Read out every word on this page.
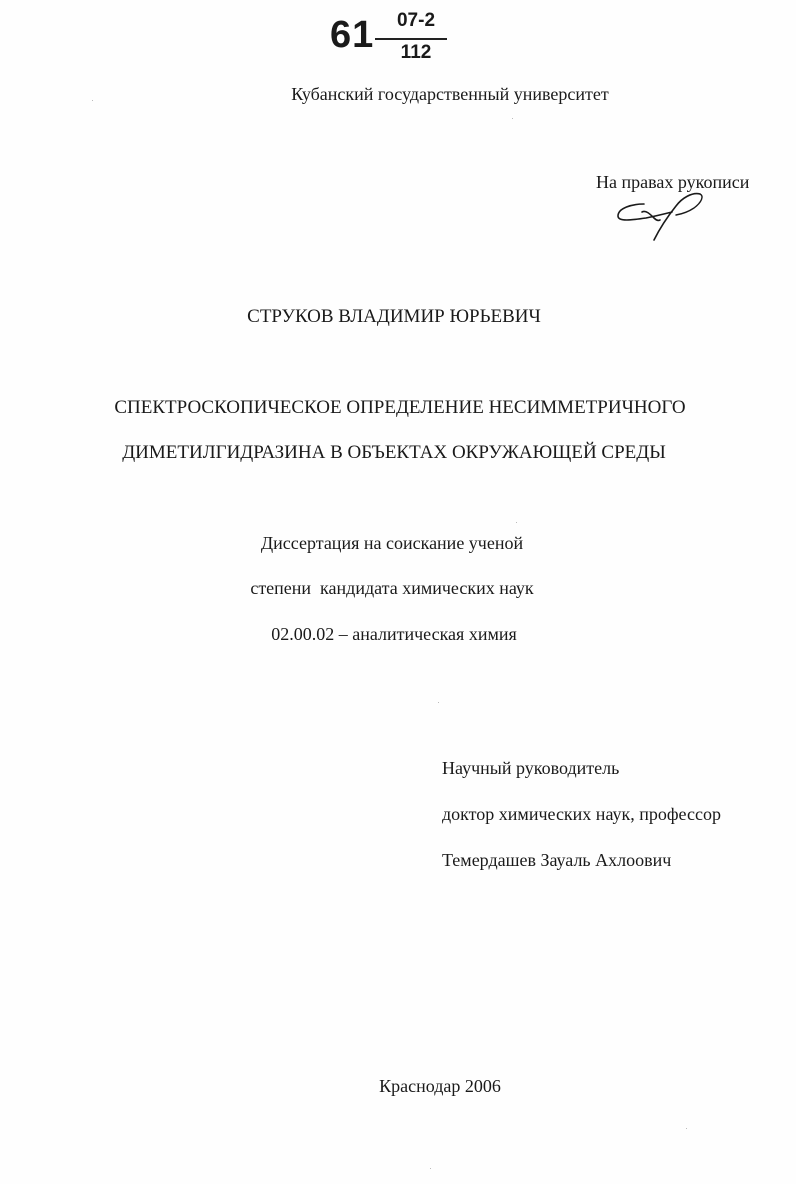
61	07-2
112
Кубанский государственный университет
На правах рукописи
СТРУКОВ ВЛАДИМИР ЮРЬЕВИЧ
СПЕКТРОСКОПИЧЕСКОЕ ОПРЕДЕЛЕНИЕ НЕСИММЕТРИЧНОГО
ДИМЕТИЛГИДРАЗИНА В ОБЪЕКТАХ ОКРУЖАЮЩЕЙ СРЕДЫ
Диссертация на соискание ученой
степени  кандидата химических наук
02.00.02 – аналитическая химия
Научный руководитель
доктор химических наук, профессор
Темердашев Зауаль Ахлоович
Краснодар 2006
